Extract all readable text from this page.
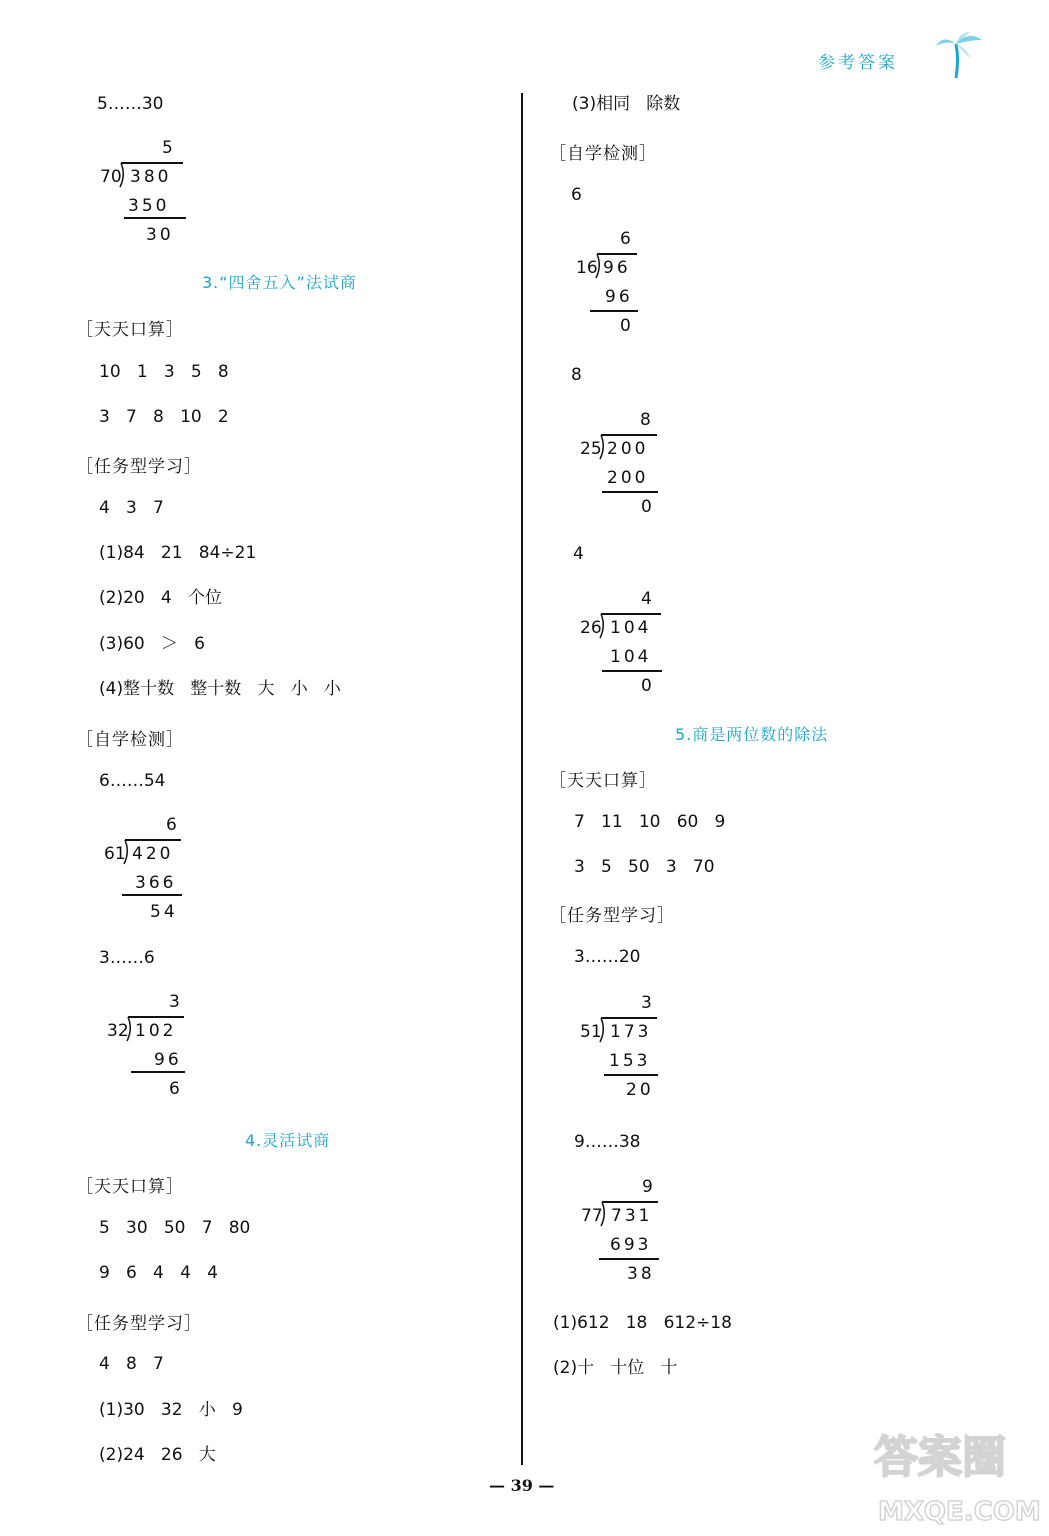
参考答案
5……30
5
70 380
350
30
3.“四舍五入”法试商
［天天口算］
10   1   3   5   8
3   7   8   10   2
［任务型学习］
4   3   7
(1)84   21   84÷21
(2)20   4   个位
(3)60   ＞   6
(4)整十数   整十数   大   小   小
［自学检测］
6……54
6
61 420
366
54
3……6
3
32 102
96
6
4.灵活试商
［天天口算］
5   30   50   7   80
9   6   4   4   4
［任务型学习］
4   8   7
(1)30   32   小   9
(2)24   26   大
(3)相同   除数
［自学检测］
6
6
16 96
96
0
8
8
25 200
200
0
4
4
26 104
104
0
5.商是两位数的除法
［天天口算］
7   11   10   60   9
3   5   50   3   70
［任务型学习］
3……20
3
51 173
153
20
9……38
9
77 731
693
38
(1)612   18   612÷18
(2)十   十位   十
— 39 —
答案圈
MXQE.COM
